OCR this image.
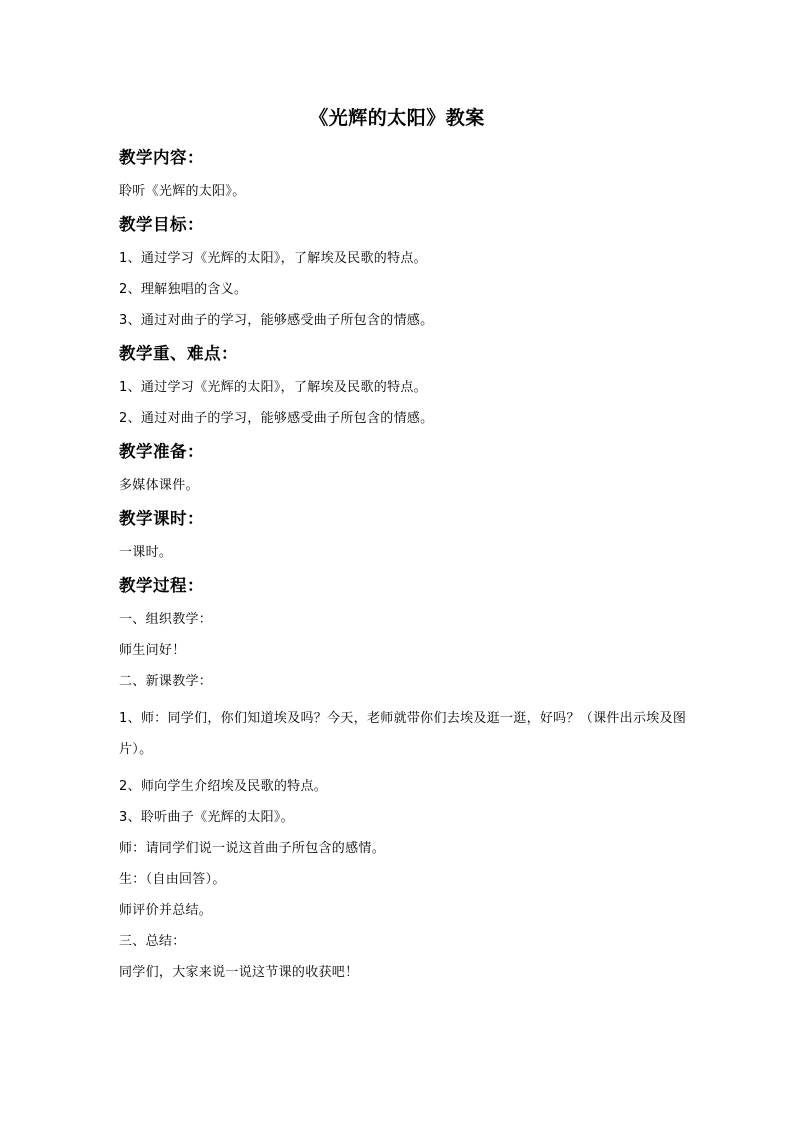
《光辉的太阳》教案

教学内容：

聆听《光辉的太阳》。

教学目标：

1、通过学习《光辉的太阳》，了解埃及民歌的特点。

2、理解独唱的含义。

3、通过对曲子的学习，能够感受曲子所包含的情感。

教学重、难点：

1、通过学习《光辉的太阳》，了解埃及民歌的特点。

2、通过对曲子的学习，能够感受曲子所包含的情感。

教学准备：

多媒体课件。

教学课时：

一课时。

教学过程：

一、组织教学：

师生问好！

二、新课教学：

1、师：同学们，你们知道埃及吗？今天，老师就带你们去埃及逛一逛，好吗？（课件出示埃及图片）。

2、师向学生介绍埃及民歌的特点。

3、聆听曲子《光辉的太阳》。

师：请同学们说一说这首曲子所包含的感情。

生：（自由回答）。

师评价并总结。

三、总结：

同学们，大家来说一说这节课的收获吧！
